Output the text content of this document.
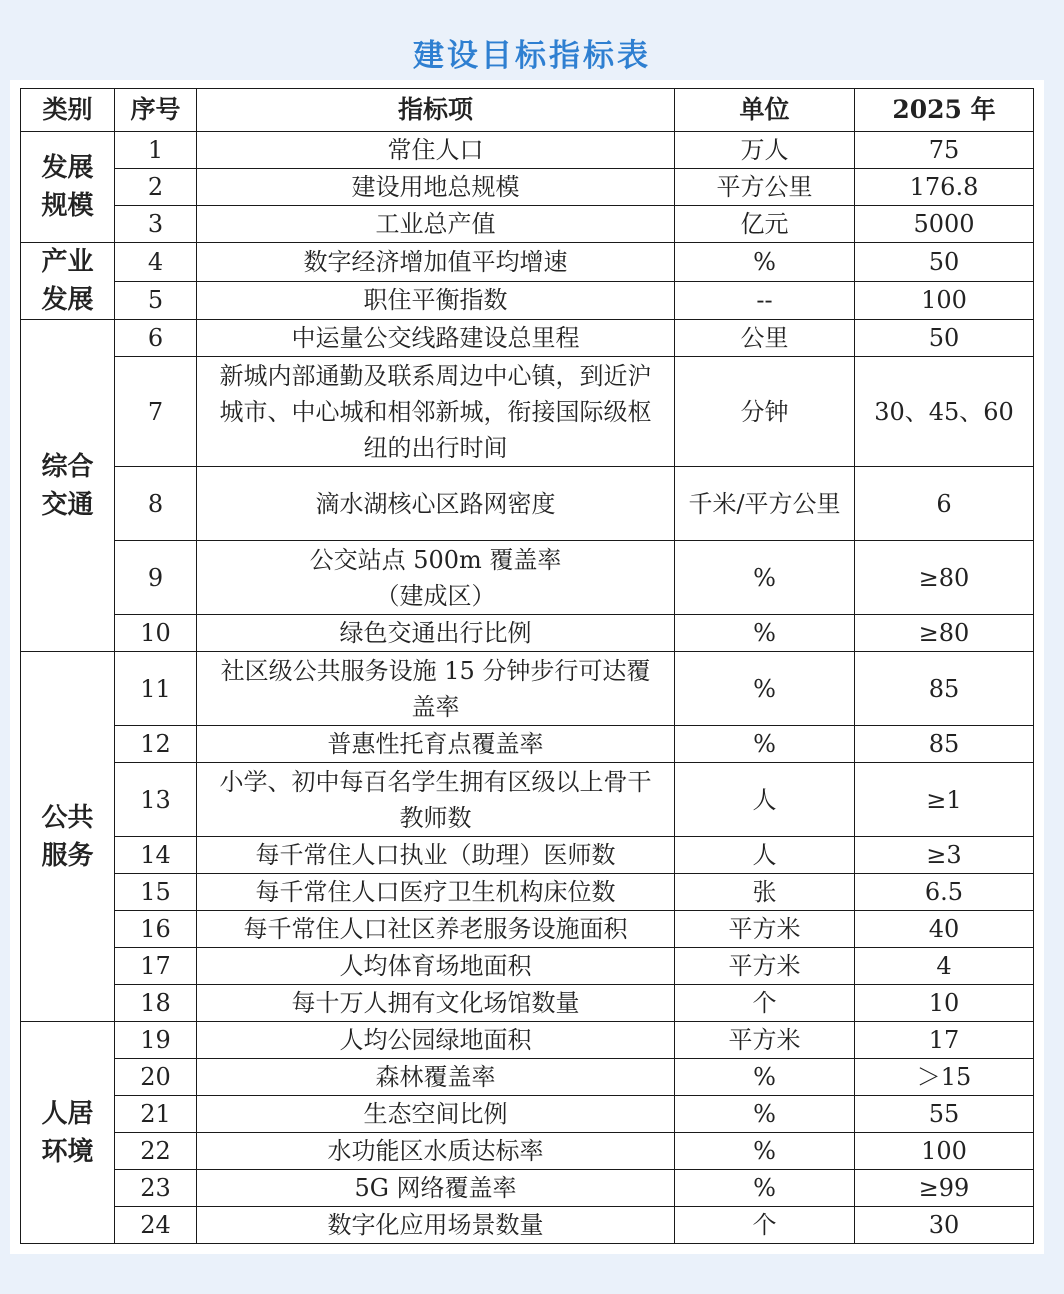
建设目标指标表
类别	序号	指标项	单位	2025 年
发展
规模	1	常住人口	万人	75
	2	建设用地总规模	平方公里	176.8
	3	工业总产值	亿元	5000
产业
发展	4	数字经济增加值平均增速	%	50
	5	职住平衡指数	--	100
综合
交通	6	中运量公交线路建设总里程	公里	50
	7	新城内部通勤及联系周边中心镇，到近沪城市、中心城和相邻新城，衔接国际级枢纽的出行时间	分钟	30、45、60
	8	滴水湖核心区路网密度	千米/平方公里	6
	9	公交站点 500m 覆盖率
（建成区）	%	≥80
	10	绿色交通出行比例	%	≥80
公共
服务	11	社区级公共服务设施 15 分钟步行可达覆盖率	%	85
	12	普惠性托育点覆盖率	%	85
	13	小学、初中每百名学生拥有区级以上骨干教师数	人	≥1
	14	每千常住人口执业（助理）医师数	人	≥3
	15	每千常住人口医疗卫生机构床位数	张	6.5
	16	每千常住人口社区养老服务设施面积	平方米	40
	17	人均体育场地面积	平方米	4
	18	每十万人拥有文化场馆数量	个	10
人居
环境	19	人均公园绿地面积	平方米	17
	20	森林覆盖率	%	＞15
	21	生态空间比例	%	55
	22	水功能区水质达标率	%	100
	23	5G 网络覆盖率	%	≥99
	24	数字化应用场景数量	个	30
